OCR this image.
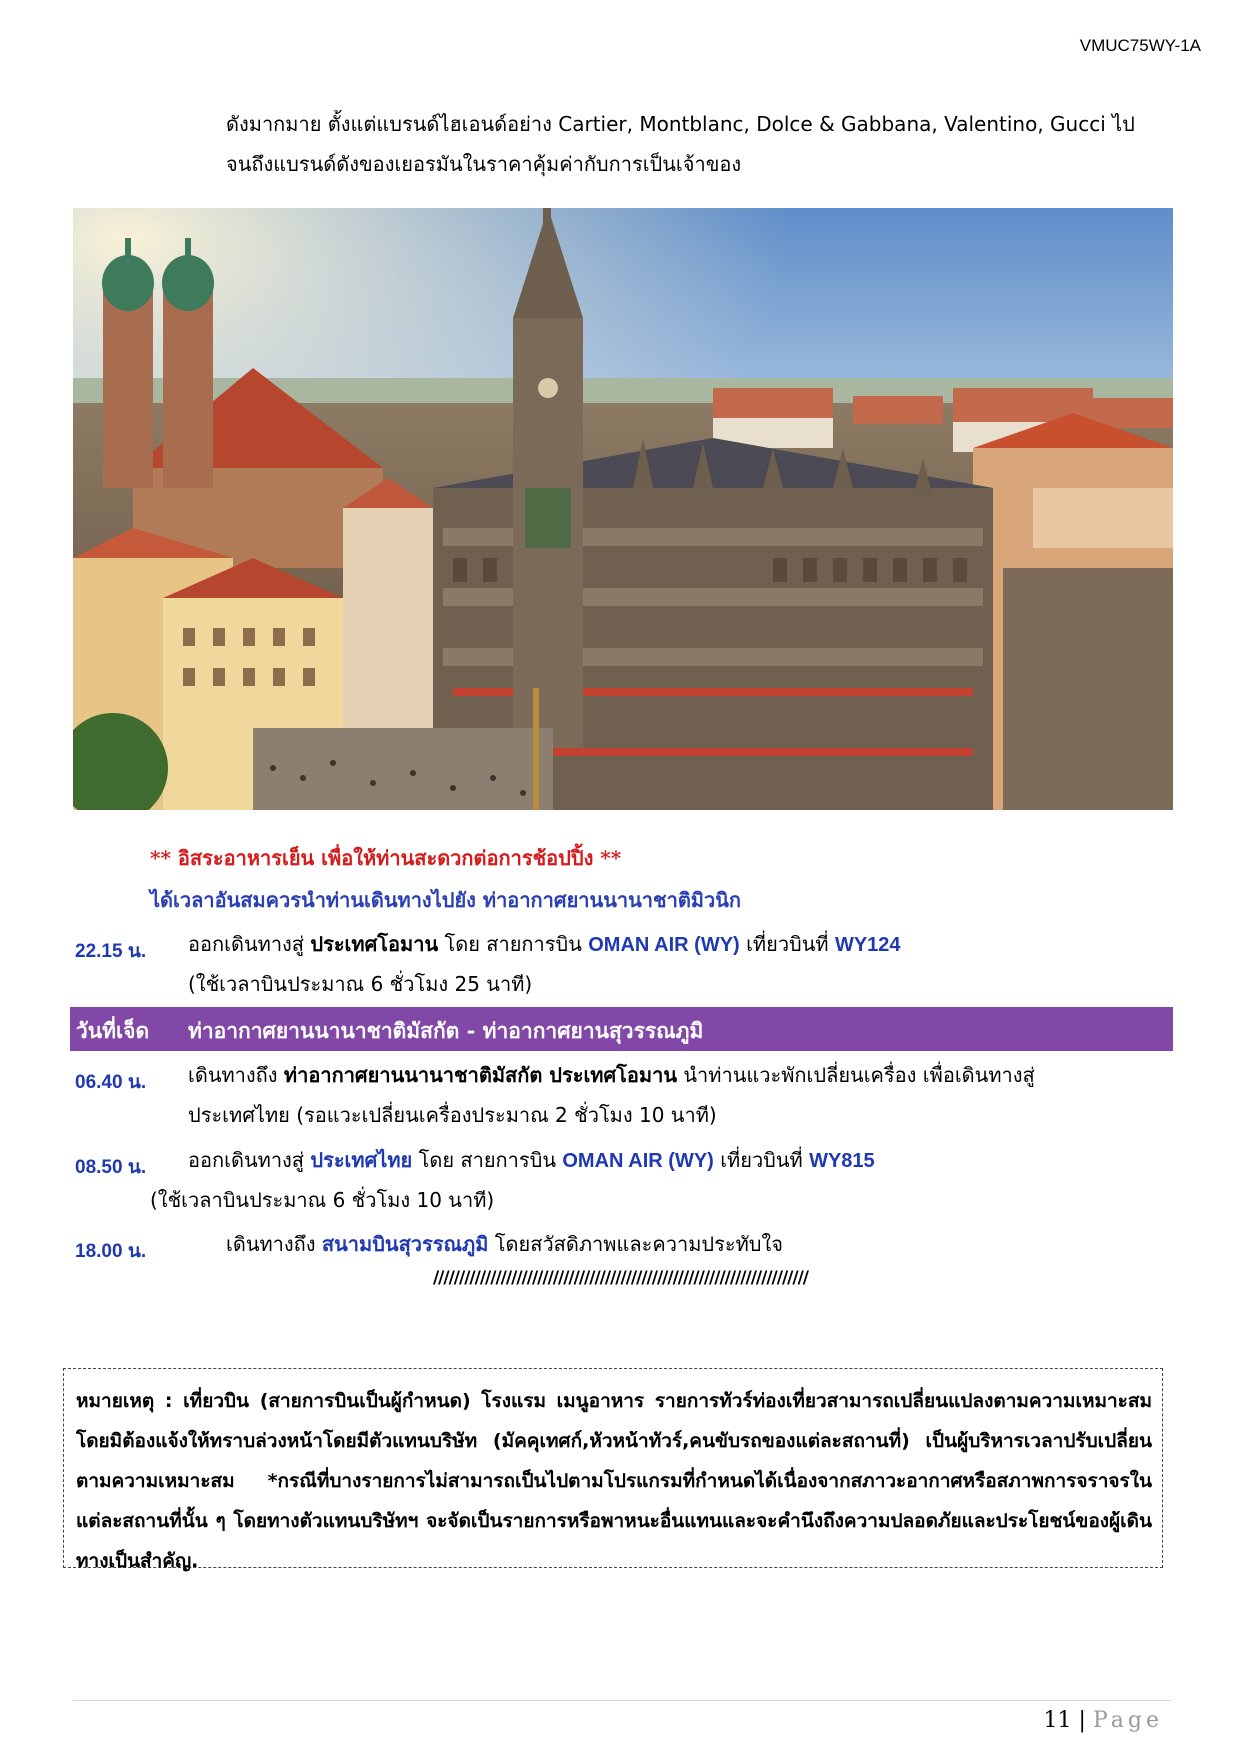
VMUC75WY-1A
ดังมากมาย ตั้งแต่แบรนด์ไฮเอนด์อย่าง Cartier, Montblanc, Dolce & Gabbana, Valentino, Gucci ไป
จนถึงแบรนด์ดังของเยอรมันในราคาคุ้มค่ากับการเป็นเจ้าของ
** อิสระอาหารเย็น เพื่อให้ท่านสะดวกต่อการช้อปปิ้ง **
ได้เวลาอันสมควรนำท่านเดินทางไปยัง ท่าอากาศยานนานาชาติมิวนิก
22.15 น. ออกเดินทางสู่ ประเทศโอมาน โดย สายการบิน OMAN AIR (WY) เที่ยวบินที่ WY124
(ใช้เวลาบินประมาณ 6 ชั่วโมง 25 นาที)
วันที่เจ็ด ท่าอากาศยานนานาชาติมัสกัต - ท่าอากาศยานสุวรรณภูมิ
06.40 น. เดินทางถึง ท่าอากาศยานนานาชาติมัสกัต ประเทศโอมาน นำท่านแวะพักเปลี่ยนเครื่อง เพื่อเดินทางสู่
ประเทศไทย (รอแวะเปลี่ยนเครื่องประมาณ 2 ชั่วโมง 10 นาที)
08.50 น. ออกเดินทางสู่ ประเทศไทย โดย สายการบิน OMAN AIR (WY) เที่ยวบินที่ WY815
(ใช้เวลาบินประมาณ 6 ชั่วโมง 10 นาที)
18.00 น.	เดินทางถึง สนามบินสุวรรณภูมิ โดยสวัสดิภาพและความประทับใจ
////////////////////////////////////////////////////////////////////////
หมายเหตุ : เที่ยวบิน (สายการบินเป็นผู้กำหนด) โรงแรม เมนูอาหาร รายการทัวร์ท่องเที่ยวสามารถเปลี่ยนแปลงตามความเหมาะสม โดยมิต้องแจ้งให้ทราบล่วงหน้าโดยมีตัวแทนบริษัท (มัคคุเทศก์,หัวหน้าทัวร์,คนขับรถของแต่ละสถานที่) เป็นผู้บริหารเวลาปรับเปลี่ยนตามความเหมาะสม *กรณีที่บางรายการไม่สามารถเป็นไปตามโปรแกรมที่กำหนดได้เนื่องจากสภาวะอากาศหรือสภาพการจราจรในแต่ละสถานที่นั้น ๆ โดยทางตัวแทนบริษัทฯ จะจัดเป็นรายการหรือพาหนะอื่นแทนและจะคำนึงถึงความปลอดภัยและประโยชน์ของผู้เดินทางเป็นสำคัญ.
11 | Page
